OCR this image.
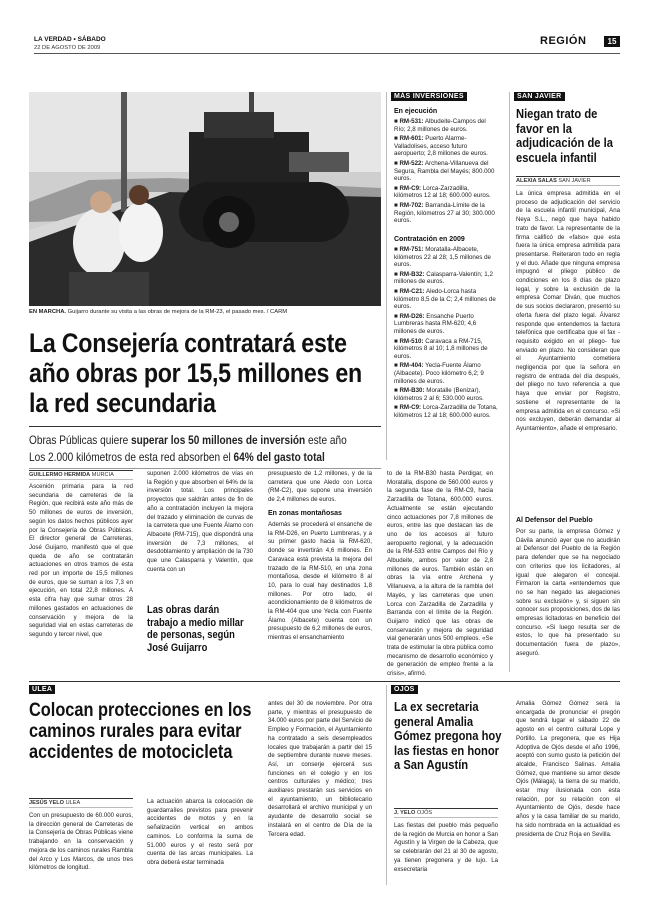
LA VERDAD • SÁBADO
22 DE AGOSTO DE 2009
REGIÓN	15
EN MARCHA. Guijarro durante su visita a las obras de mejora de la RM-23, el pasado mes. / CARM
La Consejería contratará este año obras por 15,5 millones en la red secundaria
Obras Públicas quiere superar los 50 millones de inversión este año
Los 2.000 kilómetros de esta red absorben el 64% del gasto total
GUILLERMO HERMIDA MURCIA
Ascenión primaria para la red secundaria de carreteras de la Región, que recibirá este año más de 50 millones de euros de inversión, según los datos hechos públicos ayer por la Consejería de Obras Públicas. El director general de Carreteras, José Guijarro, manifestó que el que queda de año se contratarán actuaciones en otros tramos de esta red por un importe de 15,5 millones de euros, que se suman a los 7,3 en ejecución, en total 22,8 millones. A esta cifra hay que sumar otros 28 millones gastados en actuaciones de conservación y mejora de la seguridad vial en estas carreteras de segundo y tercer nivel, que
suponen 2.000 kilómetros de vías en la Región y que absorben el 64% de la inversión total. Los principales proyectos que saldrán antes de fin de año a contratación incluyen la mejora del trazado y eliminación de curvas de la carretera que une Fuente Álamo con Albacete (RM-715), que dispondrá una inversión de 7,3 millones, el desdoblamiento y ampliación de la 730 que une Calasparra y Valentín, que cuenta con un
Las obras darán trabajo a medio millar de personas, según José Guijarro
presupuesto de 1,2 millones, y de la carretera que une Aledo con Lorca (RM-C2), que supone una inversión de 2,4 millones de euros.
En zonas montañosas
Además se procederá el ensanche de la RM-D26, en Puerto Lumbreras, y a su primer gasto hacia la RM-620, donde se invertirán 4,6 millones. En Caravaca está prevista la mejora del trazado de la RM-510, en una zona montañosa, desde el kilómetro 8 al 10, para lo cual hay destinados 1,8 millones. Por otro lado, el acondicionamiento de 8 kilómetros de la RM-404 que une Yecla con Fuente Álamo (Albacete) cuenta con un presupuesto de 6,2 millones de euros, mientras el ensanchamiento
to de la RM-B30 hasta Perdigar, en Moratalla, dispone de 560.000 euros y la segunda fase de la RM-C9, hacia Zarzadilla de Totana, 600.000 euros. Actualmente se están ejecutando cinco actuaciones por 7,8 millones de euros, entre las que destacan las de uno de los accesos al futuro aeropuerto regional, y la adecuación de la RM-533 entre Campos del Río y Albudeite, ambos por valor de 2,8 millones de euros. También están en obras la vía entre Archena y Villanueva, a la altura de la rambla del Mayés, y las carreteras que unen Lorca con Zarzadilla de Zarzadilla y Barranda con el límite de la Región. Guijarro indicó que las obras de conservación y mejora de seguridad vial generarán unos 500 empleos. «Se trata de estimular la obra pública como mecanismo de desarrollo económico y de generación de empleo frente a la crisis», afirmó.
MÁS INVERSIONES
En ejecución
■ RM-531: Albudeite-Campos del Río; 2,8 millones de euros.
■ RM-601: Puerto Alarme-Valladolises, acceso futuro aeropuerto; 2,8 millones de euros.
■ RM-522: Archena-Villanueva del Segura, Rambla del Mayés; 800.000 euros.
■ RM-C9: Lorca-Zarzadilla, kilómetros 12 al 18; 600.000 euros.
■ RM-702: Barranda-Límite de la Región, kilómetros 27 al 30; 300.000 euros.
Contratación en 2009
■ RM-751: Moratalla-Albacete, kilómetros 22 al 28; 1,5 millones de euros.
■ RM-B32: Calasparra-Valentín; 1,2 millones de euros.
■ RM-C21: Aledo-Lorca hasta kilómetro 8,5 de la C; 2,4 millones de euros.
■ RM-D26: Ensanche Puerto Lumbreras hasta RM-620; 4,6 millones de euros.
■ RM-510: Caravaca a RM-715, kilómetros 8 al 10; 1,8 millones de euros.
■ RM-404: Yecla-Fuente Álamo (Albacete). Poco kilómetro 6,2; 9 millones de euros.
■ RM-B30: Moratalle (Benizar), kilómetros 2 al 6; 530.000 euros.
■ RM-C9: Lorca-Zarzadilla de Totana, kilómetros 12 al 18; 600.000 euros.
SAN JAVIER
Niegan trato de favor en la adjudicación de la escuela infantil
ALEXIA SALAS SAN JAVIER
La única empresa admitida en el proceso de adjudicación del servicio de la escuela infantil municipal, Ana Neya S.L., negó que haya habido trato de favor. La representante de la firma calificó de «falso» que esta fuera la única empresa admitida para presentarse. Reiteraron todo en regla y el duo. Añade que ninguna empresa impugnó el pliego público de condiciones en los 8 días de plazo legal, y sobre la exclusión de la empresa Comar Diván, que muchos de sus socios declararon, presentó su oferta fuera del plazo legal. Álvarez responde que entendemos la factura telefónica que certificaba que el fax -requisito exigido en el pliego- fue enviado en plazo. No consideran que el Ayuntamiento cometiera negligencia por que la señora en registro de entrada del día después, del pliego no tuvo referencia a que haya que enviar por Registro, sostiene el representante de la empresa admitida en el concurso. «Si nos excluyen, deberán demandar al Ayuntamiento», añade el empresario.
Al Defensor del Pueblo
Por su parte, la empresa Gómez y Dávila anunció ayer que no acudirán al Defensor del Pueblo de la Región para defender que se ha negociado con criterios que los licitadores, al igual que alegaron el concejal. Firmaron la carta «entendemos que no se han negado las alegaciones sobre su exclusión» y, si siguen sin conocer sus proposiciones, dos de las empresas licitadoras en beneficio del concurso. «Si luego resulta ser de estos, lo que ha presentado su documentación fuera de plazo», aseguró.
ULEA
Colocan protecciones en los caminos rurales para evitar accidentes de motocicleta
JESÚS YELO ULEA
Con un presupuesto de 60.000 euros, la dirección general de Carreteras de la Consejería de Obras Públicas viene trabajando en la conservación y mejora de los caminos rurales Rambla del Arco y Los Marcos, de unos tres kilómetros de longitud.
La actuación abarca la colocación de guardarraíles previstos para prevenir accidentes de motos y en la señalización vertical en ambos caminos. Lo conforma la suma de 51.000 euros y el resto será por cuenta de las arcas municipales. La obra deberá estar terminada
antes del 30 de noviembre. Por otra parte, y mientras el presupuesto de 34.000 euros por parte del Servicio de Empleo y Formación, el Ayuntamiento ha contratado a seis desempleados locales que trabajarán a partir del 15 de septiembre durante nueve meses. Así, un conserje ejercerá sus funciones en el colegio y en los centros culturales y médico; tres auxiliares prestarán sus servicios en el ayuntamiento, un bibliotecario desarrollará el archivo municipal y un ayudante de desarrollo social se instalará en el centro de Día de la Tercera edad.
OJÓS
La ex secretaria general Amalia Gómez pregona hoy las fiestas en honor a San Agustín
J. YELO OJÓS
Las fiestas del pueblo más pequeño de la región de Murcia en honor a San Agustín y la Virgen de la Cabeza, que se celebrarán del 21 al 30 de agosto, ya tienen pregonera y de lujo. La exsecretaria
Amalia Gómez Gómez será la encargada de pronunciar el pregón que tendrá lugar el sábado 22 de agosto en el centro cultural Lope y Portillo. La pregonera, que es Hija Adoptiva de Ojós desde el año 1996, aceptó con sumo gusto la petición del alcalde, Francisco Salinas. Amalia Gómez, que mantiene su amor desde Ojós (Málaga), la tierra de su marido, estar muy ilusionada con esta relación, por su relación con el Ayuntamiento de Ojós, desde hace años y la casa familiar de su marido, ha sido nombrada en la actualidad es presidenta de Cruz Roja en Sevilla.
